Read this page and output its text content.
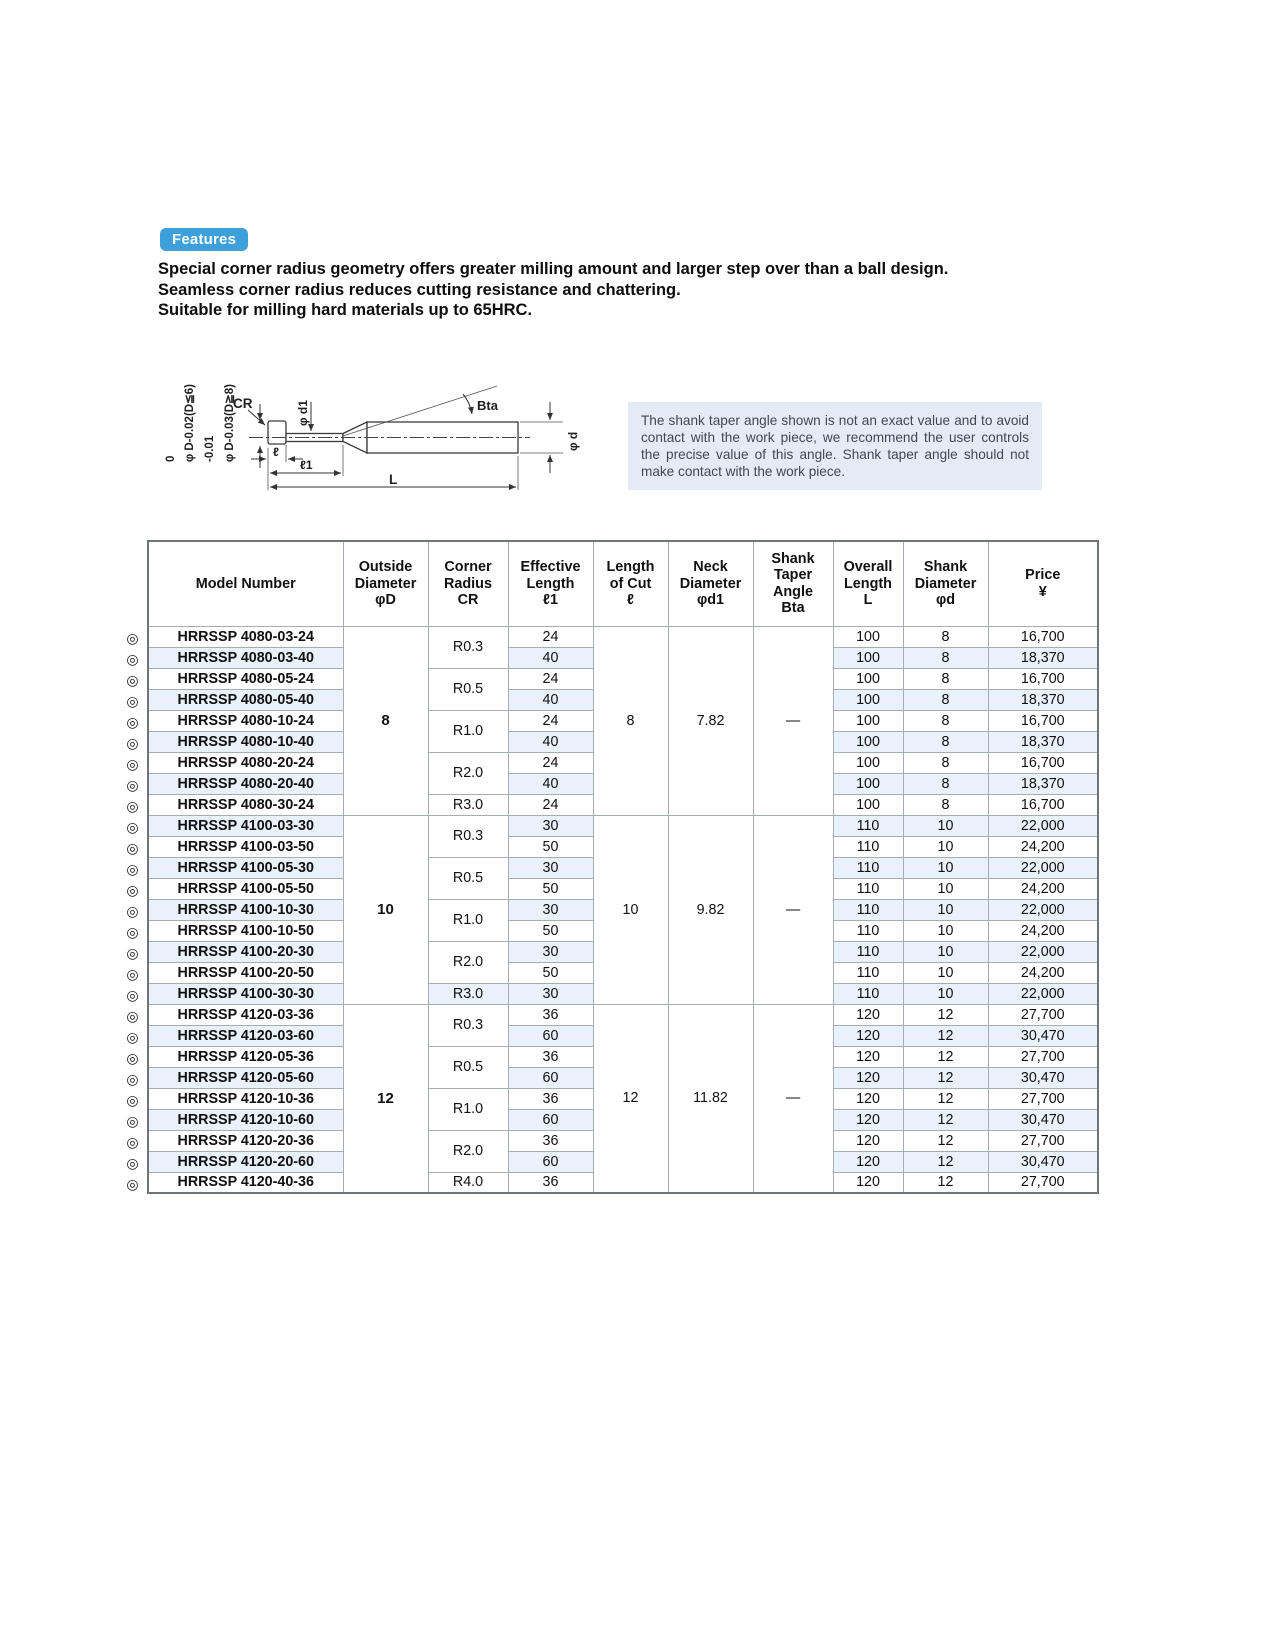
Features
Special corner radius geometry offers greater milling amount and larger step over than a ball design.
Seamless corner radius reduces cutting resistance and chattering.
Suitable for milling hard materials up to 65HRC.
0 φ D-0.02(D≦6) -0.01 φ D-0.03(D≧8)
CR	φ d1	Bta
φ d
ℓ
ℓ1
L
The shank taper angle shown is not an exact value and to avoid contact with the work piece, we recommend the user controls the precise value of this angle. Shank taper angle should not make contact with the work piece.
◎
◎
◎
◎
◎
◎
◎
◎
◎
◎
◎
◎
◎
◎
◎
◎
◎
◎
◎
◎
◎
◎
◎
◎
◎
◎
◎
Model Number

Outside
Diameter
φD

Corner
Radius
CR

Effective
Length
ℓ1

Length
of Cut
ℓ

Neck
Diameter
φd1

Shank
Taper
Angle
Bta

Overall
Length
L

Shank
Diameter
φd

Price
¥

HRRSSP 4080-03-24	8	R0.3	24	8	7.82	—	100	8	16,700
HRRSSP 4080-03-40			40				100	8	18,370
HRRSSP 4080-05-24		R0.5	24				100	8	16,700
HRRSSP 4080-05-40			40				100	8	18,370
HRRSSP 4080-10-24		R1.0	24				100	8	16,700
HRRSSP 4080-10-40			40				100	8	18,370
HRRSSP 4080-20-24		R2.0	24				100	8	16,700
HRRSSP 4080-20-40			40				100	8	18,370
HRRSSP 4080-30-24		R3.0	24				100	8	16,700
HRRSSP 4100-03-30	10	R0.3	30	10	9.82	—	110	10	22,000
HRRSSP 4100-03-50			50				110	10	24,200
HRRSSP 4100-05-30		R0.5	30				110	10	22,000
HRRSSP 4100-05-50			50				110	10	24,200
HRRSSP 4100-10-30		R1.0	30				110	10	22,000
HRRSSP 4100-10-50			50				110	10	24,200
HRRSSP 4100-20-30		R2.0	30				110	10	22,000
HRRSSP 4100-20-50			50				110	10	24,200
HRRSSP 4100-30-30		R3.0	30				110	10	22,000
HRRSSP 4120-03-36	12	R0.3	36	12	11.82	—	120	12	27,700
HRRSSP 4120-03-60			60				120	12	30,470
HRRSSP 4120-05-36		R0.5	36				120	12	27,700
HRRSSP 4120-05-60			60				120	12	30,470
HRRSSP 4120-10-36		R1.0	36				120	12	27,700
HRRSSP 4120-10-60			60				120	12	30,470
HRRSSP 4120-20-36		R2.0	36				120	12	27,700
HRRSSP 4120-20-60			60				120	12	30,470
HRRSSP 4120-40-36		R4.0	36				120	12	27,700
